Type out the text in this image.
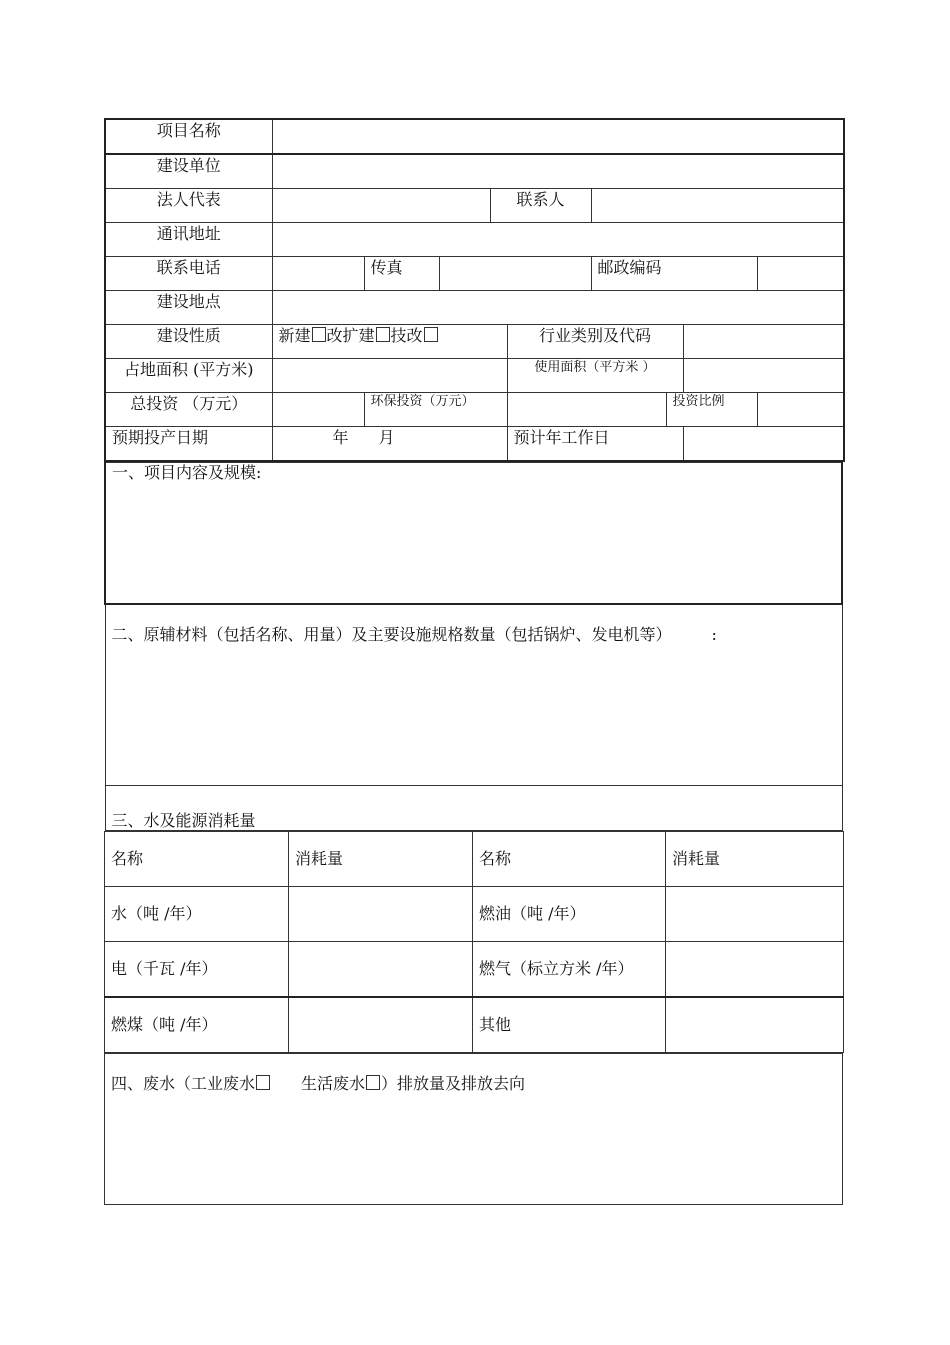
项目名称									
建设单位									
法人代表				联系人					
通讯地址									
联系电话		传真				邮政编码			
建设地点									
建设性质	新建 改扩建 技改				行业类别及代码				
占地面积 (平方米)					使用面积（平方米 ）				
总投资 （万元）		环保投资（万元）					投资比例		
预期投产日期	年 月				预计年工作日				
一、项目内容及规模:
二、原辅材料（包括名称、用量）及主要设施规格数量（包括锅炉、发电机等）	:
三、水及能源消耗量
名称	消耗量	名称	消耗量
水（吨 /年）		燃油（吨 /年）	
电（千瓦 /年）		燃气（标立方米 /年）	
燃煤（吨 /年）		其他	
四、废水（工业废水	生活废水 ）排放量及排放去向
